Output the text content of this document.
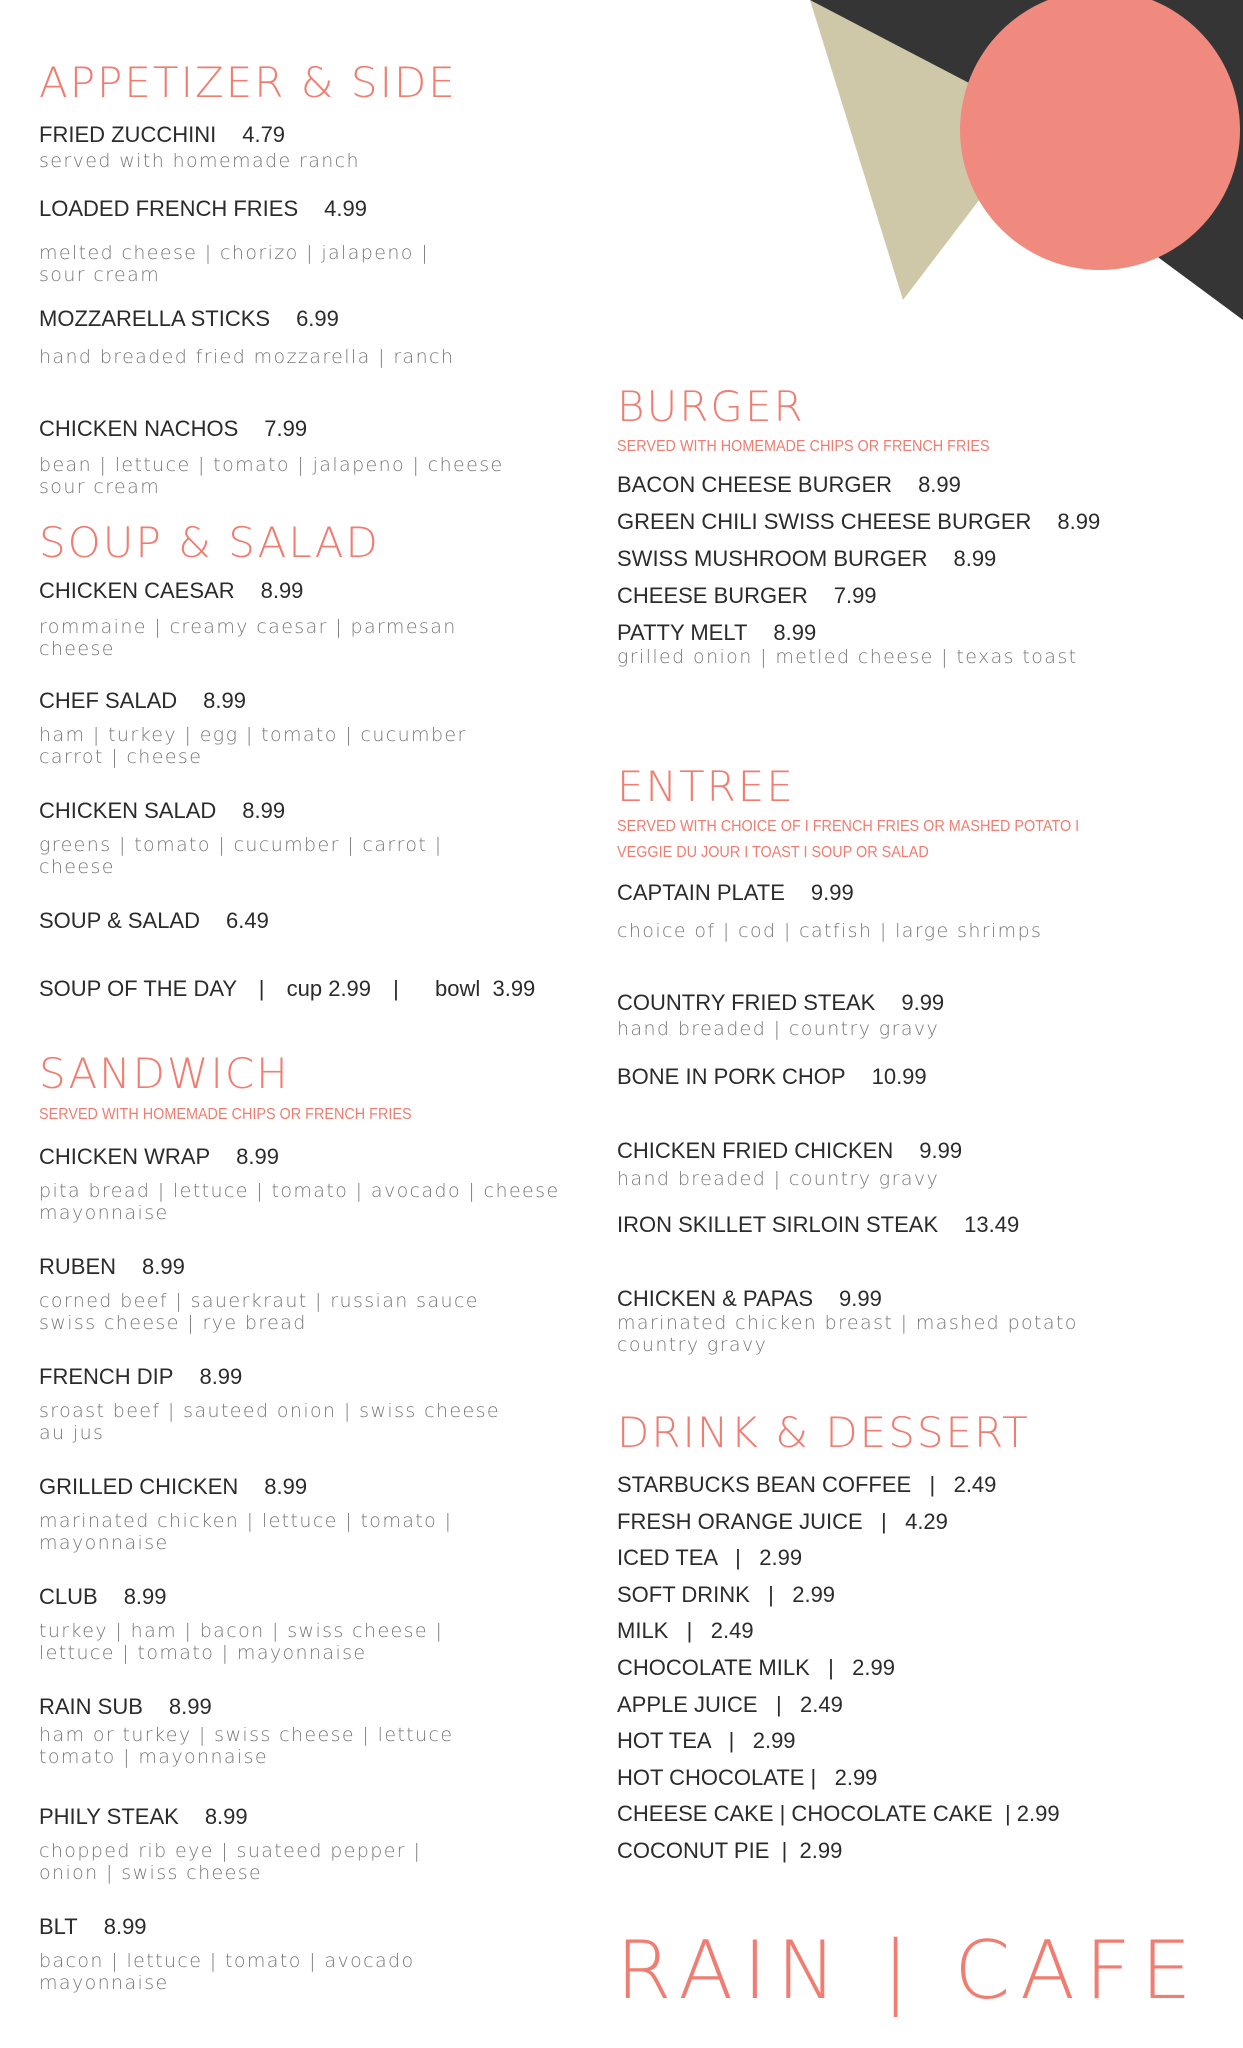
APPETIZER & SIDE
FRIED ZUCCHINI 4.79
served with homemade ranch
LOADED FRENCH FRIES 4.99
melted cheese | chorizo | jalapeno |
sour cream
MOZZARELLA STICKS 6.99
hand breaded fried mozzarella | ranch
CHICKEN NACHOS 7.99
bean | lettuce | tomato | jalapeno | cheese
sour cream
SOUP & SALAD
CHICKEN CAESAR 8.99
rommaine | creamy caesar | parmesan
cheese
CHEF SALAD 8.99
ham | turkey | egg | tomato | cucumber
carrot | cheese
CHICKEN SALAD 8.99
greens | tomato | cucumber | carrot |
cheese
SOUP & SALAD 6.49
SOUP OF THE DAY | cup 2.99 | bowl  3.99
SANDWICH
SERVED WITH HOMEMADE CHIPS OR FRENCH FRIES
CHICKEN WRAP 8.99
pita bread | lettuce | tomato | avocado | cheese
mayonnaise
RUBEN 8.99
corned beef | sauerkraut | russian sauce
swiss cheese | rye bread
FRENCH DIP 8.99
sroast beef | sauteed onion | swiss cheese
au jus
GRILLED CHICKEN 8.99
marinated chicken | lettuce | tomato |
mayonnaise
CLUB 8.99
turkey | ham | bacon | swiss cheese |
lettuce | tomato | mayonnaise
RAIN SUB 8.99
ham or turkey | swiss cheese | lettuce
tomato | mayonnaise
PHILY STEAK 8.99
chopped rib eye | suateed pepper |
onion | swiss cheese
BLT 8.99
bacon | lettuce | tomato | avocado
mayonnaise
BURGER
SERVED WITH HOMEMADE CHIPS OR FRENCH FRIES
BACON CHEESE BURGER 8.99
GREEN CHILI SWISS CHEESE BURGER 8.99
SWISS MUSHROOM BURGER 8.99
CHEESE BURGER 7.99
PATTY MELT 8.99
grilled onion | metled cheese | texas toast
ENTREE
SERVED WITH CHOICE OF I FRENCH FRIES OR MASHED POTATO I
VEGGIE DU JOUR I TOAST I SOUP OR SALAD
CAPTAIN PLATE 9.99
choice of | cod | catfish | large shrimps
COUNTRY FRIED STEAK 9.99
hand breaded | country gravy
BONE IN PORK CHOP 10.99
CHICKEN FRIED CHICKEN 9.99
hand breaded | country gravy
IRON SKILLET SIRLOIN STEAK 13.49
CHICKEN & PAPAS 9.99
marinated chicken breast | mashed potato
country gravy
DRINK & DESSERT
STARBUCKS BEAN COFFEE   |   2.49
FRESH ORANGE JUICE   |   4.29
ICED TEA   |   2.99
SOFT DRINK   |   2.99
MILK   |   2.49
CHOCOLATE MILK   |   2.99
APPLE JUICE   |   2.49
HOT TEA   |   2.99
HOT CHOCOLATE |   2.99
CHEESE CAKE | CHOCOLATE CAKE  | 2.99
COCONUT PIE  |  2.99
RAIN | CAFE
